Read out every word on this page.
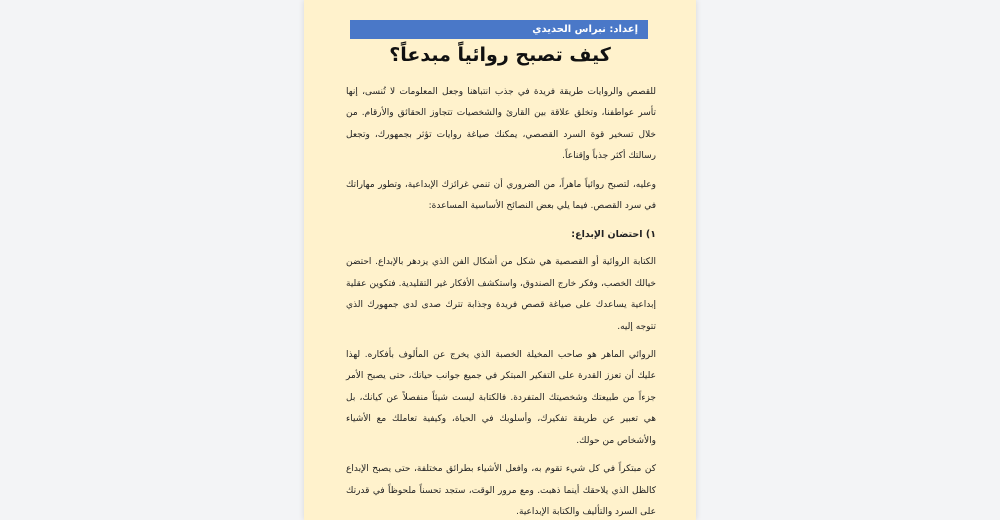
إعداد: نبراس الحديدي
كيف تصبح روائياً مبدعاً؟

للقصص والروايات طريقة فريدة في جذب انتباهنا وجعل المعلومات لا تُنسى، إنها تأسر عواطفنا، وتخلق علاقة بين القارئ والشخصيات تتجاوز الحقائق والأرقام. من خلال تسخير قوة السرد القصصي، يمكنك صياغة روايات تؤثر بجمهورك، وتجعل رسالتك أكثر جذباً وإقناعاً.

وعليه، لتصبح روائياً ماهراً، من الضروري أن تنمي غرائزك الإبداعية، وتطور مهاراتك في سرد القصص. فيما يلي بعض النصائح الأساسية المساعدة:

١) احتضان الإبداع:

الكتابة الروائية أو القصصية هي شكل من أشكال الفن الذي يزدهر بالإبداع. احتضن خيالك الخصب، وفكر خارج الصندوق، واستكشف الأفكار غير التقليدية. فتكوين عقلية إبداعية يساعدك على صياغة قصص فريدة وجذابة تترك صدى لدى جمهورك الذي تتوجه إليه.

الروائي الماهر هو صاحب المخيلة الخصبة الذي يخرج عن المألوف بأفكاره. لهذا عليك أن تعزز القدرة على التفكير المبتكر في جميع جوانب حياتك، حتى يصبح الأمر جزءاً من طبيعتك وشخصيتك المتفردة. فالكتابة ليست شيئاً منفصلاً عن كيانك، بل هي تعبير عن طريقة تفكيرك، وأسلوبك في الحياة، وكيفية تعاملك مع الأشياء والأشخاص من حولك.

كن مبتكراً في كل شيء تقوم به، وافعل الأشياء بطرائق مختلفة، حتى يصبح الإبداع كالظل الذي يلاحقك أينما ذهبت. ومع مرور الوقت، ستجد تحسناً ملحوظاً في قدرتك على السرد والتأليف والكتابة الإبداعية.
